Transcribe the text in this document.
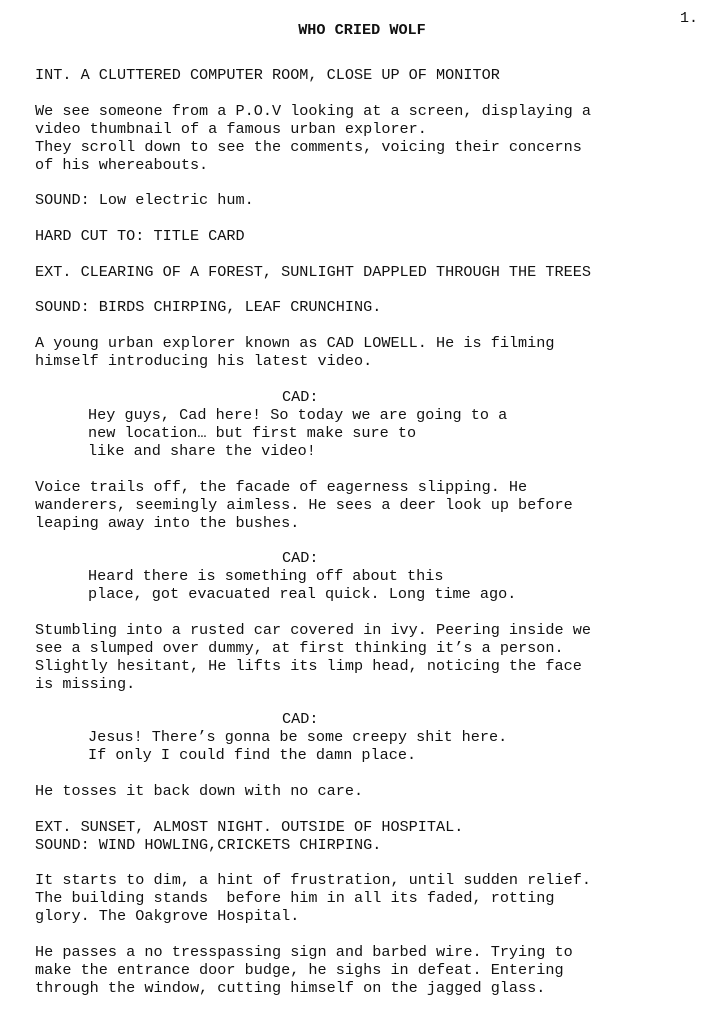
1.

WHO CRIED WOLF

INT. A CLUTTERED COMPUTER ROOM, CLOSE UP OF MONITOR

We see someone from a P.O.V looking at a screen, displaying a
video thumbnail of a famous urban explorer.
They scroll down to see the comments, voicing their concerns
of his whereabouts.

SOUND: Low electric hum.

HARD CUT TO: TITLE CARD

EXT. CLEARING OF A FOREST, SUNLIGHT DAPPLED THROUGH THE TREES

SOUND: BIRDS CHIRPING, LEAF CRUNCHING.

A young urban explorer known as CAD LOWELL. He is filming
himself introducing his latest video.

CAD:

Hey guys, Cad here! So today we are going to a
new location… but first make sure to
like and share the video!

Voice trails off, the facade of eagerness slipping. He
wanderers, seemingly aimless. He sees a deer look up before
leaping away into the bushes.

CAD:

Heard there is something off about this
place, got evacuated real quick. Long time ago.

Stumbling into a rusted car covered in ivy. Peering inside we
see a slumped over dummy, at first thinking it’s a person.
Slightly hesitant, He lifts its limp head, noticing the face
is missing.

CAD:

Jesus! There’s gonna be some creepy shit here.
If only I could find the damn place.

He tosses it back down with no care.

EXT. SUNSET, ALMOST NIGHT. OUTSIDE OF HOSPITAL.
SOUND: WIND HOWLING,CRICKETS CHIRPING.

It starts to dim, a hint of frustration, until sudden relief.
The building stands  before him in all its faded, rotting
glory. The Oakgrove Hospital.

He passes a no tresspassing sign and barbed wire. Trying to
make the entrance door budge, he sighs in defeat. Entering
through the window, cutting himself on the jagged glass.
